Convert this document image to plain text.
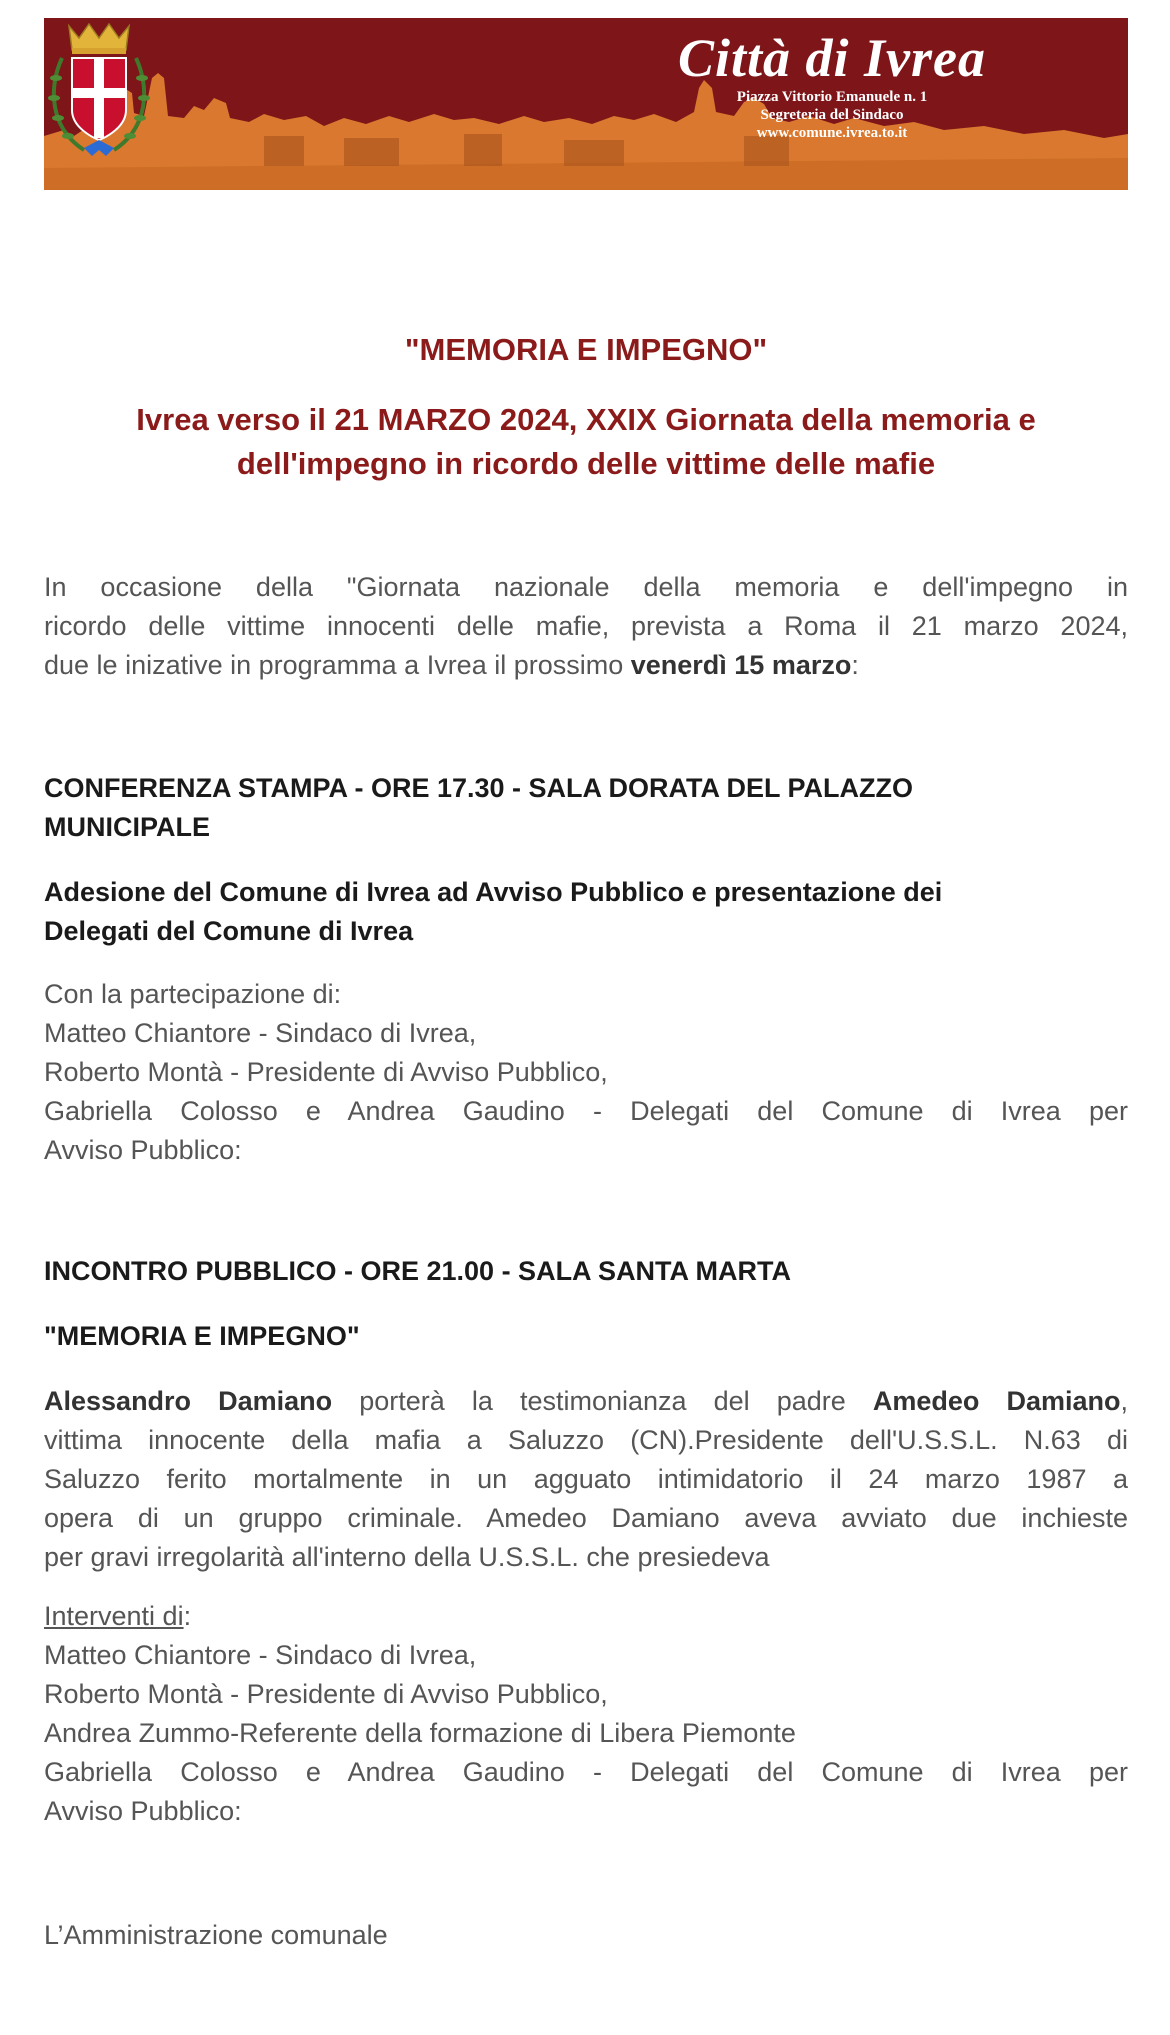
Città di Ivrea
Piazza Vittorio Emanuele n. 1
Segreteria del Sindaco
www.comune.ivrea.to.it
"MEMORIA E IMPEGNO"
Ivrea verso il 21 MARZO 2024, XXIX Giornata della memoria e
dell'impegno in ricordo delle vittime delle mafie

In occasione della "Giornata nazionale della memoria e dell'impegno in
ricordo delle vittime innocenti delle mafie, prevista a Roma il 21 marzo 2024,
due le inizative in programma a Ivrea il prossimo venerdì 15 marzo:

CONFERENZA STAMPA - ORE 17.30 - SALA DORATA DEL PALAZZO
MUNICIPALE
Adesione del Comune di Ivrea ad Avviso Pubblico e presentazione dei
Delegati del Comune di Ivrea
Con la partecipazione di:
Matteo Chiantore - Sindaco di Ivrea,
Roberto Montà - Presidente di Avviso Pubblico,
Gabriella Colosso e Andrea Gaudino - Delegati del Comune di Ivrea per
Avviso Pubblico:
INCONTRO PUBBLICO - ORE 21.00 - SALA SANTA MARTA
"MEMORIA E IMPEGNO"
Alessandro Damiano porterà la testimonianza del padre Amedeo Damiano,
vittima innocente della mafia a Saluzzo (CN).Presidente dell'U.S.S.L. N.63 di
Saluzzo ferito mortalmente in un agguato intimidatorio il 24 marzo 1987 a
opera di un gruppo criminale. Amedeo Damiano aveva avviato due inchieste
per gravi irregolarità all'interno della U.S.S.L. che presiedeva
Interventi di:
Matteo Chiantore - Sindaco di Ivrea,
Roberto Montà - Presidente di Avviso Pubblico,
Andrea Zummo-Referente della formazione di Libera Piemonte
Gabriella Colosso e Andrea Gaudino - Delegati del Comune di Ivrea per
Avviso Pubblico:
L’Amministrazione comunale
